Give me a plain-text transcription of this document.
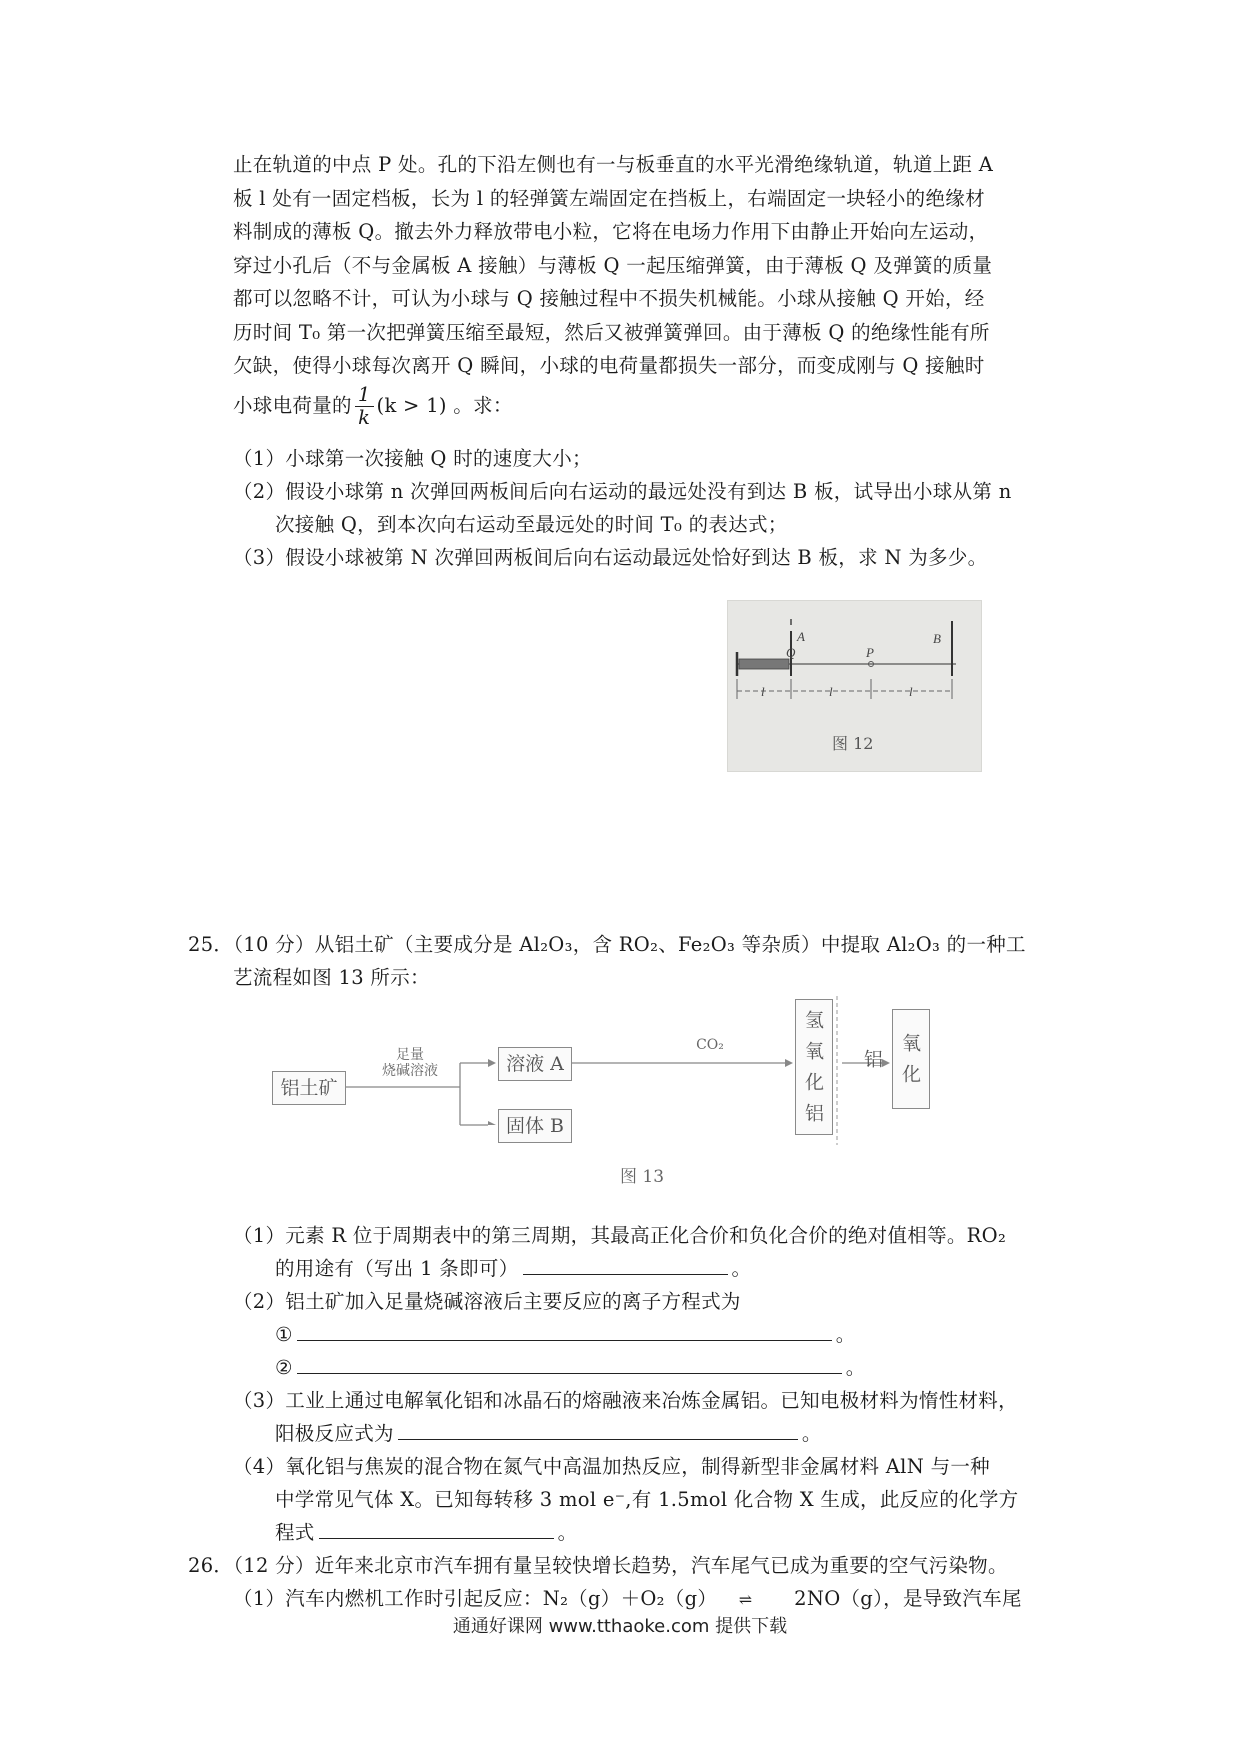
止在轨道的中点 P 处。孔的下沿左侧也有一与板垂直的水平光滑绝缘轨道，轨道上距 A
板 l 处有一固定档板，长为 l 的轻弹簧左端固定在挡板上，右端固定一块轻小的绝缘材
料制成的薄板 Q。撤去外力释放带电小粒，它将在电场力作用下由静止开始向左运动，
穿过小孔后（不与金属板 A 接触）与薄板 Q 一起压缩弹簧，由于薄板 Q 及弹簧的质量
都可以忽略不计，可认为小球与 Q 接触过程中不损失机械能。小球从接触 Q 开始，经
历时间 T₀ 第一次把弹簧压缩至最短，然后又被弹簧弹回。由于薄板 Q 的绝缘性能有所
欠缺，使得小球每次离开 Q 瞬间，小球的电荷量都损失一部分，而变成刚与 Q 接触时
小球电荷量的 $\frac{1}{k} (k > 1)$ 。求：
（1）小球第一次接触 Q 时的速度大小；
（2）假设小球第 n 次弹回两板间后向右运动的最远处没有到达 B 板，试导出小球从第 n
次接触 Q，到本次向右运动至最远处的时间 T₀ 的表达式；
（3）假设小球被第 N 次弹回两板间后向右运动最远处恰好到达 B 板，求 N 为多少。
Q
A
P
B
l	l	l
图 12
25．（10 分）从铝土矿（主要成分是 Al₂O₃，含 RO₂、Fe₂O₃ 等杂质）中提取 Al₂O₃ 的一种工
艺流程如图 13 所示：
铝土矿
足量
烧碱溶液	溶液 A
固体 B
CO₂	氢氧化铝	氧化铝
图 13
（1）元素 R 位于周期表中的第三周期，其最高正化合价和负化合价的绝对值相等。RO₂
的用途有（写出 1 条即可）	。
（2）铝土矿加入足量烧碱溶液后主要反应的离子方程式为
①	。
②	。
（3）工业上通过电解氧化铝和冰晶石的熔融液来冶炼金属铝。已知电极材料为惰性材料，
阳极反应式为	。
（4）氧化铝与焦炭的混合物在氮气中高温加热反应，制得新型非金属材料 AlN 与一种
中学常见气体 X。已知每转移 3 mol e⁻,有 1.5mol 化合物 X 生成，此反应的化学方
程式	。
26．（12 分）近年来北京市汽车拥有量呈较快增长趋势，汽车尾气已成为重要的空气污染物。
（1）汽车内燃机工作时引起反应：N₂（g）＋O₂（g） ⇌ 2NO（g），是导致汽车尾
通通好课网 www.tthaoke.com 提供下载
